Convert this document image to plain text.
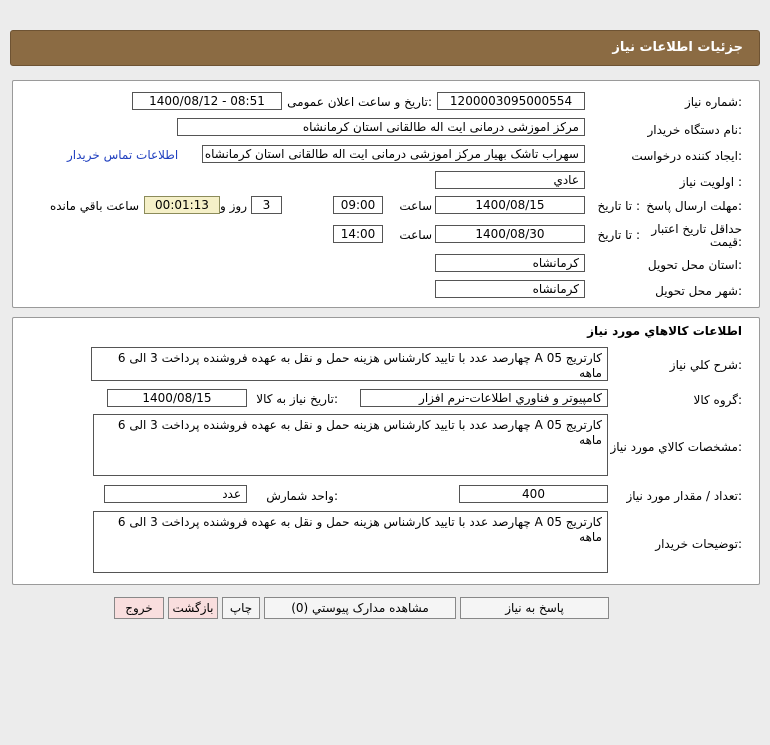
جزئيات اطلاعات نياز
شماره نياز:
1200003095000554
تاريخ و ساعت اعلان عمومی:
1400/08/12 - 08:51
نام دستگاه خريدار:
مرکز اموزشی درمانی ایت اله طالقانی استان کرمانشاه
ايجاد کننده درخواست:
سهراب تاشک بهیار مرکز اموزشی درمانی ایت اله طالقانی استان کرمانشاه
اطلاعات تماس خريدار
اولويت نياز :
عادي
مهلت ارسال پاسخ:
تا تاريخ :
1400/08/15
ساعت
09:00
3
روز و
00:01:13
ساعت باقي مانده
حداقل تاريخ اعتبار قيمت:
تا تاريخ :
1400/08/30
ساعت
14:00
استان محل تحويل:
کرمانشاه
شهر محل تحويل:
کرمانشاه
اطلاعات کالاهاي مورد نياز
شرح کلي نياز:
کارتریج 05 A چهارصد عدد با تایید کارشناس هزینه حمل و نقل به عهده فروشنده پرداخت 3 الی 6 ماهه
گروه کالا:
کامپيوتر و فناوري اطلاعات-نرم افزار
تاريخ نياز به کالا:
1400/08/15
مشخصات کالاي مورد نياز:
کارتریج 05 A چهارصد عدد با تایید کارشناس هزینه حمل و نقل به عهده فروشنده پرداخت 3 الی 6 ماهه
تعداد / مقدار مورد نياز:
400
واحد شمارش:
عدد
توضيحات خريدار:
کارتریج 05 A چهارصد عدد با تایید کارشناس هزینه حمل و نقل به عهده فروشنده پرداخت 3 الی 6 ماهه
پاسخ به نياز
مشاهده مدارک پيوستي (0)
چاپ
بازگشت
خروج
